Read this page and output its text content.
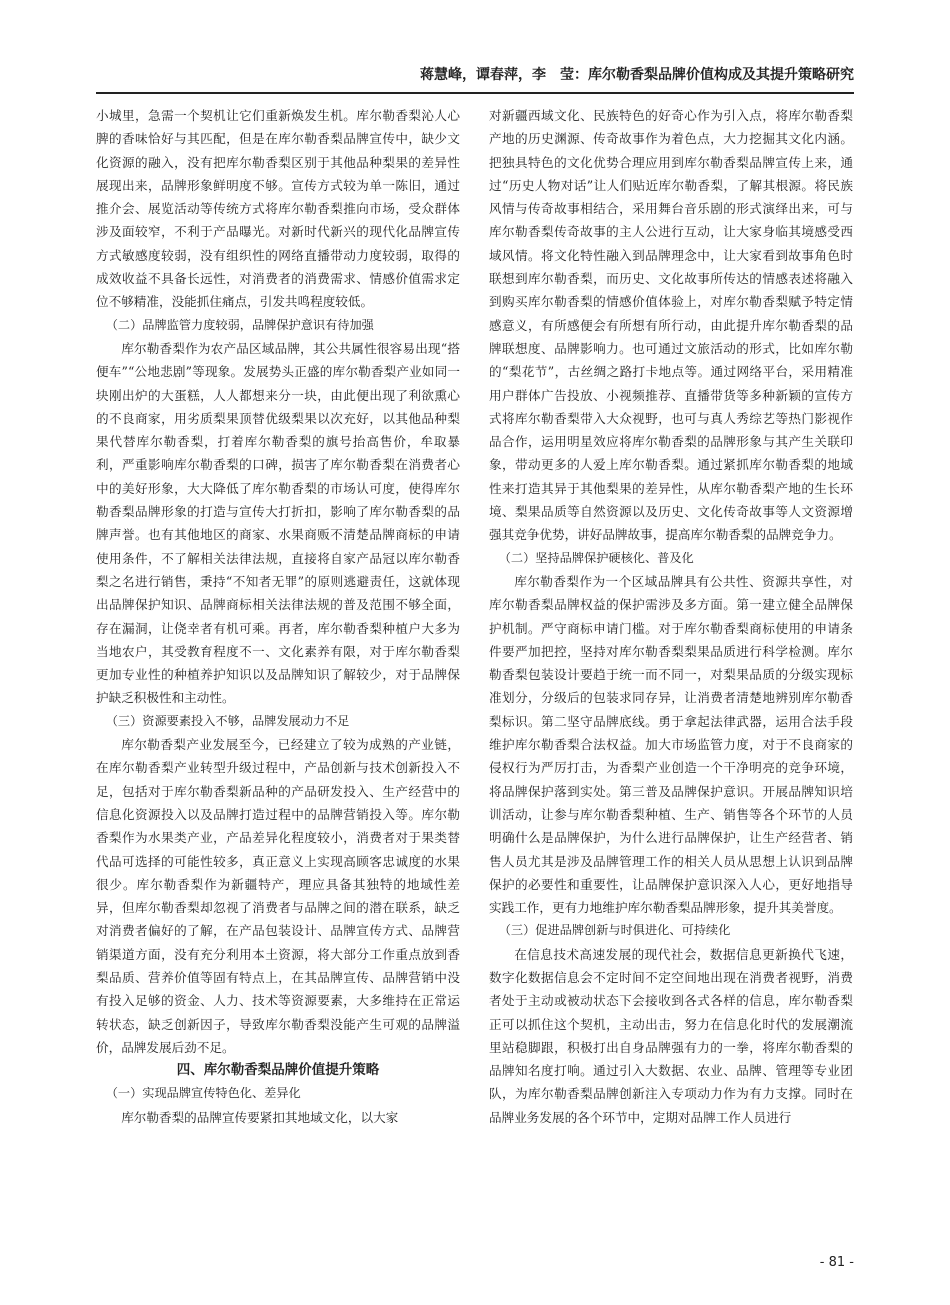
蒋慧峰，谭春萍，李　莹：库尔勒香梨品牌价值构成及其提升策略研究

小城里，急需一个契机让它们重新焕发生机。库尔勒香梨沁人心脾的香味恰好与其匹配，但是在库尔勒香梨品牌宣传中，缺少文化资源的融入，没有把库尔勒香梨区别于其他品种梨果的差异性展现出来，品牌形象鲜明度不够。宣传方式较为单一陈旧，通过推介会、展览活动等传统方式将库尔勒香梨推向市场，受众群体涉及面较窄，不利于产品曝光。对新时代新兴的现代化品牌宣传方式敏感度较弱，没有组织性的网络直播带动力度较弱，取得的成效收益不具备长远性，对消费者的消费需求、情感价值需求定位不够精准，没能抓住痛点，引发共鸣程度较低。

（二）品牌监管力度较弱，品牌保护意识有待加强

库尔勒香梨作为农产品区域品牌，其公共属性很容易出现“搭便车”“公地悲剧”等现象。发展势头正盛的库尔勒香梨产业如同一块刚出炉的大蛋糕，人人都想来分一块，由此便出现了利欲熏心的不良商家，用劣质梨果顶替优级梨果以次充好，以其他品种梨果代替库尔勒香梨，打着库尔勒香梨的旗号抬高售价，牟取暴利，严重影响库尔勒香梨的口碑，损害了库尔勒香梨在消费者心中的美好形象，大大降低了库尔勒香梨的市场认可度，使得库尔勒香梨品牌形象的打造与宣传大打折扣，影响了库尔勒香梨的品牌声誉。也有其他地区的商家、水果商贩不清楚品牌商标的申请使用条件，不了解相关法律法规，直接将自家产品冠以库尔勒香梨之名进行销售，秉持“不知者无罪”的原则逃避责任，这就体现出品牌保护知识、品牌商标相关法律法规的普及范围不够全面，存在漏洞，让侥幸者有机可乘。再者，库尔勒香梨种植户大多为当地农户，其受教育程度不一、文化素养有限，对于库尔勒香梨更加专业性的种植养护知识以及品牌知识了解较少，对于品牌保护缺乏积极性和主动性。

（三）资源要素投入不够，品牌发展动力不足

库尔勒香梨产业发展至今，已经建立了较为成熟的产业链，在库尔勒香梨产业转型升级过程中，产品创新与技术创新投入不足，包括对于库尔勒香梨新品种的产品研发投入、生产经营中的信息化资源投入以及品牌打造过程中的品牌营销投入等。库尔勒香梨作为水果类产业，产品差异化程度较小，消费者对于果类替代品可选择的可能性较多，真正意义上实现高顾客忠诚度的水果很少。库尔勒香梨作为新疆特产，理应具备其独特的地域性差异，但库尔勒香梨却忽视了消费者与品牌之间的潜在联系，缺乏对消费者偏好的了解，在产品包装设计、品牌宣传方式、品牌营销渠道方面，没有充分利用本土资源，将大部分工作重点放到香梨品质、营养价值等固有特点上，在其品牌宣传、品牌营销中没有投入足够的资金、人力、技术等资源要素，大多维持在正常运转状态，缺乏创新因子，导致库尔勒香梨没能产生可观的品牌溢价，品牌发展后劲不足。

四、库尔勒香梨品牌价值提升策略

（一）实现品牌宣传特色化、差异化

库尔勒香梨的品牌宣传要紧扣其地域文化，以大家

对新疆西域文化、民族特色的好奇心作为引入点，将库尔勒香梨产地的历史渊源、传奇故事作为着色点，大力挖掘其文化内涵。把独具特色的文化优势合理应用到库尔勒香梨品牌宣传上来，通过“历史人物对话”让人们贴近库尔勒香梨，了解其根源。将民族风情与传奇故事相结合，采用舞台音乐剧的形式演绎出来，可与库尔勒香梨传奇故事的主人公进行互动，让大家身临其境感受西域风情。将文化特性融入到品牌理念中，让大家看到故事角色时联想到库尔勒香梨，而历史、文化故事所传达的情感表述将融入到购买库尔勒香梨的情感价值体验上，对库尔勒香梨赋予特定情感意义，有所感便会有所想有所行动，由此提升库尔勒香梨的品牌联想度、品牌影响力。也可通过文旅活动的形式，比如库尔勒的“梨花节”，古丝绸之路打卡地点等。通过网络平台，采用精准用户群体广告投放、小视频推荐、直播带货等多种新颖的宣传方式将库尔勒香梨带入大众视野，也可与真人秀综艺等热门影视作品合作，运用明星效应将库尔勒香梨的品牌形象与其产生关联印象，带动更多的人爱上库尔勒香梨。通过紧抓库尔勒香梨的地域性来打造其异于其他梨果的差异性，从库尔勒香梨产地的生长环境、梨果品质等自然资源以及历史、文化传奇故事等人文资源增强其竞争优势，讲好品牌故事，提高库尔勒香梨的品牌竞争力。

（二）坚持品牌保护硬核化、普及化

库尔勒香梨作为一个区域品牌具有公共性、资源共享性，对库尔勒香梨品牌权益的保护需涉及多方面。第一建立健全品牌保护机制。严守商标申请门槛。对于库尔勒香梨商标使用的申请条件要严加把控，坚持对库尔勒香梨梨果品质进行科学检测。库尔勒香梨包装设计要趋于统一而不同一，对梨果品质的分级实现标准划分，分级后的包装求同存异，让消费者清楚地辨别库尔勒香梨标识。第二坚守品牌底线。勇于拿起法律武器，运用合法手段维护库尔勒香梨合法权益。加大市场监管力度，对于不良商家的侵权行为严厉打击，为香梨产业创造一个干净明亮的竞争环境，将品牌保护落到实处。第三普及品牌保护意识。开展品牌知识培训活动，让参与库尔勒香梨种植、生产、销售等各个环节的人员明确什么是品牌保护，为什么进行品牌保护，让生产经营者、销售人员尤其是涉及品牌管理工作的相关人员从思想上认识到品牌保护的必要性和重要性，让品牌保护意识深入人心，更好地指导实践工作，更有力地维护库尔勒香梨品牌形象，提升其美誉度。

（三）促进品牌创新与时俱进化、可持续化

在信息技术高速发展的现代社会，数据信息更新换代飞速，数字化数据信息会不定时间不定空间地出现在消费者视野，消费者处于主动或被动状态下会接收到各式各样的信息，库尔勒香梨正可以抓住这个契机，主动出击，努力在信息化时代的发展潮流里站稳脚跟，积极打出自身品牌强有力的一拳，将库尔勒香梨的品牌知名度打响。通过引入大数据、农业、品牌、管理等专业团队，为库尔勒香梨品牌创新注入专项动力作为有力支撑。同时在品牌业务发展的各个环节中，定期对品牌工作人员进行

- 81 -
